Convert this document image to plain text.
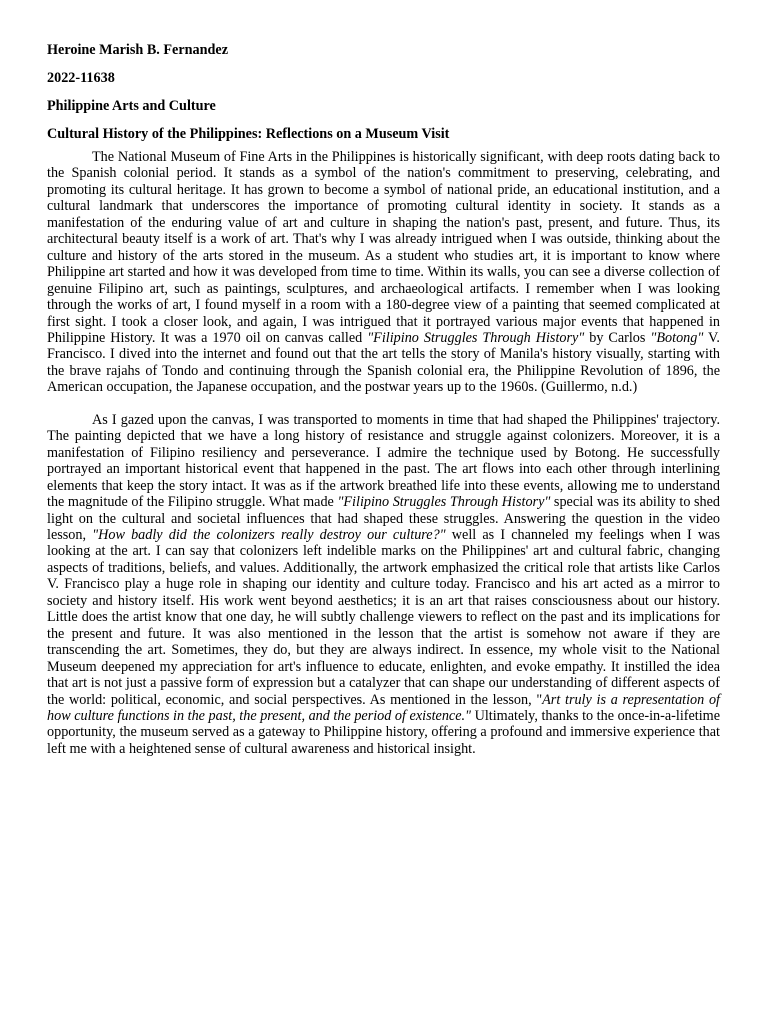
Heroine Marish B. Fernandez
2022-11638
Philippine Arts and Culture
Cultural History of the Philippines: Reflections on a Museum Visit

The National Museum of Fine Arts in the Philippines is historically significant, with deep roots dating back to the Spanish colonial period. It stands as a symbol of the nation's commitment to preserving, celebrating, and promoting its cultural heritage. It has grown to become a symbol of national pride, an educational institution, and a cultural landmark that underscores the importance of promoting cultural identity in society. It stands as a manifestation of the enduring value of art and culture in shaping the nation's past, present, and future. Thus, its architectural beauty itself is a work of art. That's why I was already intrigued when I was outside, thinking about the culture and history of the arts stored in the museum. As a student who studies art, it is important to know where Philippine art started and how it was developed from time to time. Within its walls, you can see a diverse collection of genuine Filipino art, such as paintings, sculptures, and archaeological artifacts. I remember when I was looking through the works of art, I found myself in a room with a 180-degree view of a painting that seemed complicated at first sight. I took a closer look, and again, I was intrigued that it portrayed various major events that happened in Philippine History. It was a 1970 oil on canvas called "Filipino Struggles Through History" by Carlos "Botong" V. Francisco. I dived into the internet and found out that the art tells the story of Manila's history visually, starting with the brave rajahs of Tondo and continuing through the Spanish colonial era, the Philippine Revolution of 1896, the American occupation, the Japanese occupation, and the postwar years up to the 1960s. (Guillermo, n.d.)

As I gazed upon the canvas, I was transported to moments in time that had shaped the Philippines' trajectory. The painting depicted that we have a long history of resistance and struggle against colonizers. Moreover, it is a manifestation of Filipino resiliency and perseverance. I admire the technique used by Botong. He successfully portrayed an important historical event that happened in the past. The art flows into each other through interlining elements that keep the story intact. It was as if the artwork breathed life into these events, allowing me to understand the magnitude of the Filipino struggle. What made "Filipino Struggles Through History" special was its ability to shed light on the cultural and societal influences that had shaped these struggles. Answering the question in the video lesson, "How badly did the colonizers really destroy our culture?" well as I channeled my feelings when I was looking at the art. I can say that colonizers left indelible marks on the Philippines' art and cultural fabric, changing aspects of traditions, beliefs, and values. Additionally, the artwork emphasized the critical role that artists like Carlos V. Francisco play a huge role in shaping our identity and culture today. Francisco and his art acted as a mirror to society and history itself. His work went beyond aesthetics; it is an art that raises consciousness about our history. Little does the artist know that one day, he will subtly challenge viewers to reflect on the past and its implications for the present and future. It was also mentioned in the lesson that the artist is somehow not aware if they are transcending the art. Sometimes, they do, but they are always indirect. In essence, my whole visit to the National Museum deepened my appreciation for art's influence to educate, enlighten, and evoke empathy. It instilled the idea that art is not just a passive form of expression but a catalyzer that can shape our understanding of different aspects of the world: political, economic, and social perspectives. As mentioned in the lesson, "Art truly is a representation of how culture functions in the past, the present, and the period of existence." Ultimately, thanks to the once-in-a-lifetime opportunity, the museum served as a gateway to Philippine history, offering a profound and immersive experience that left me with a heightened sense of cultural awareness and historical insight.
